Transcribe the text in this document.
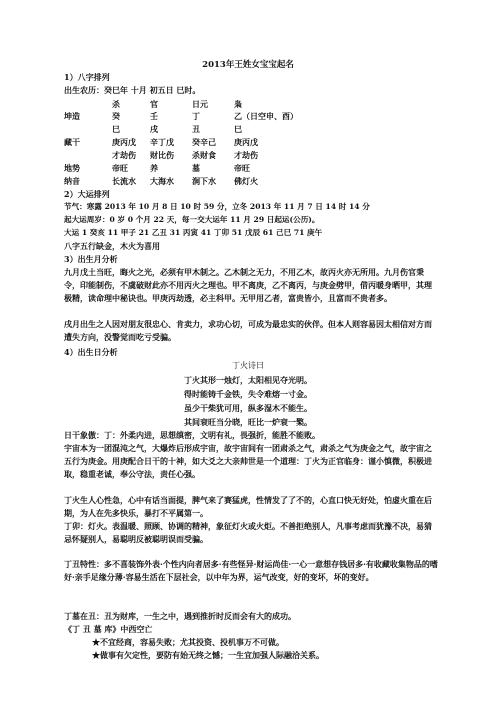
2013年王姓女宝宝起名
1）八字排列
出生农历：癸巳年 十月 初五日 巳时。
杀	官	日元	枭
坤造	癸	壬	丁	乙（日空申、酉）
巳	戌	丑	巳
藏干	庚丙戊 辛丁戊 癸辛己 庚丙戊
才劫伤 财比伤 杀财食 才劫伤
地势	帝旺	养	墓	帝旺
纳音	长流水 大海水 涧下水 佛灯火
2）大运排列
节气：寒露 2013 年 10 月 8 日 10 时 59 分，立冬 2013 年 11 月 7 日 14 时 14 分
起大运周岁：0 岁 0 个月 22 天，每一交大运年 11 月 29 日起运(公历)。
大运 1 癸亥 11 甲子 21 乙丑 31 丙寅 41 丁卯 51 戊辰 61 己巳 71 庚午
八字五行缺金，木火为喜用
3）出生月分析
九月戊土当旺，晦火之光，必须有甲木制之。乙木制之无力，不用乙木，故丙火亦无所用。九月伤官秉令，印能制伤，不虞破财此亦不用丙火之理也。甲不离庚，乙不离丙，与庚金劈甲，借丙暖身晒甲，其理极精，读命理中秘诀也。甲庚丙劫透，必主科甲。无甲用乙者，富贵皆小，且富而不贵者多。
戌月出生之人因对朋友很忠心、肯卖力，求功心切，可成为最忠实的伙伴。但本人则容易因太相信对方而遭失方向，没警觉而吃亏受骗。
4）出生日分析
丁火诗曰
丁火其形一烛灯，太阳相见夺光明。
得时能铸千金铁，失令难熔一寸金。
虽少干柴犹可用，纵多湿木不能生。
其间衰旺当分晓，旺比一炉衰一檠。
日干象傲：丁：外柔内进，思想缜密，文明有礼，畏强折，能胜不能败。
宇宙本为一团混沌之气，大爆炸后形成宇宙，故宇宙间有一团肃杀之气，肃杀之气为庚金之气，故宇宙之五行为庚金。用庚配合日干的十神，如大爻之大亲帅世是一个道理：丁火为正官临身：谨小慎微，积极进取，稳重老诚，奉公守法，责任心强。
丁火生人心性急，心中有话当面提，脾气来了赛猛虎，性情发了了不的，心直口快无好处，怕虚火重在后期，为人在先多快乐，暴打不平属第一。
丁卯：灯火。表温暖、照顾、协调的精神，象征灯火或火炬。不善拒绝别人，凡事考虑而犹豫不决，易猜忌怀疑别人，易聪明反被聪明误而受骗。
丁丑特性：多不喜装饰外表·个性内向者居多·有些怪异·财运尚佳·一心一意想存钱居多·有收藏收集物品的嗜好·亲手足缘分薄·容易生活在下层社会，以中年为界，运气改变，好的变坏，坏的变好。
丁墓在丑：丑为财库，一生之中，遇到推折时反而会有大的成功。
《丁 丑 墓 库》中西空亡
★不宜经商，容易失败；尤其投资、投机事万不可做。
★做事有欠定性，要防有始无终之憾；一生宜加强人际融洽关系。
